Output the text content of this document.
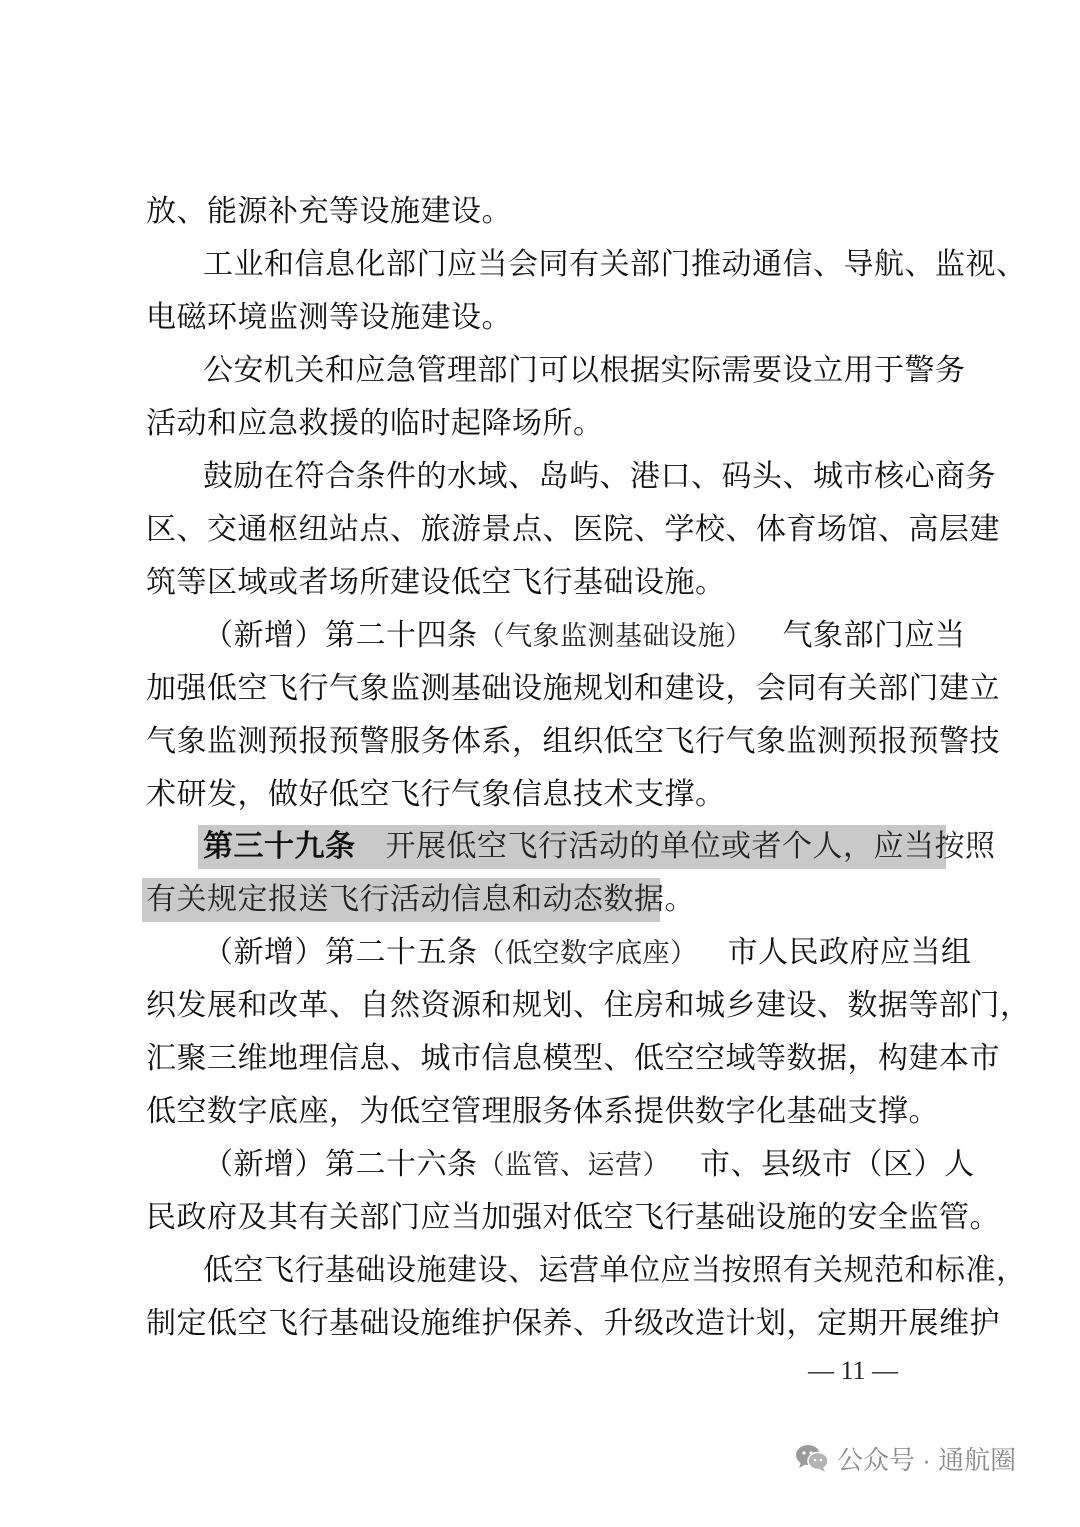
放、能源补充等设施建设。
工业和信息化部门应当会同有关部门推动通信、导航、监视、
电磁环境监测等设施建设。
公安机关和应急管理部门可以根据实际需要设立用于警务
活动和应急救援的临时起降场所。
鼓励在符合条件的水域、岛屿、港口、码头、城市核心商务
区、交通枢纽站点、旅游景点、医院、学校、体育场馆、高层建
筑等区域或者场所建设低空飞行基础设施。
（新增）第二十四条（气象监测基础设施） 气象部门应当
加强低空飞行气象监测基础设施规划和建设，会同有关部门建立
气象监测预报预警服务体系，组织低空飞行气象监测预报预警技
术研发，做好低空飞行气象信息技术支撑。
第三十九条 开展低空飞行活动的单位或者个人，应当按照
有关规定报送飞行活动信息和动态数据。
（新增）第二十五条（低空数字底座） 市人民政府应当组
织发展和改革、自然资源和规划、住房和城乡建设、数据等部门，
汇聚三维地理信息、城市信息模型、低空空域等数据，构建本市
低空数字底座，为低空管理服务体系提供数字化基础支撑。
（新增）第二十六条（监管、运营） 市、县级市（区）人
民政府及其有关部门应当加强对低空飞行基础设施的安全监管。
低空飞行基础设施建设、运营单位应当按照有关规范和标准，
制定低空飞行基础设施维护保养、升级改造计划，定期开展维护
— 11 —
公众号 · 通航圈
